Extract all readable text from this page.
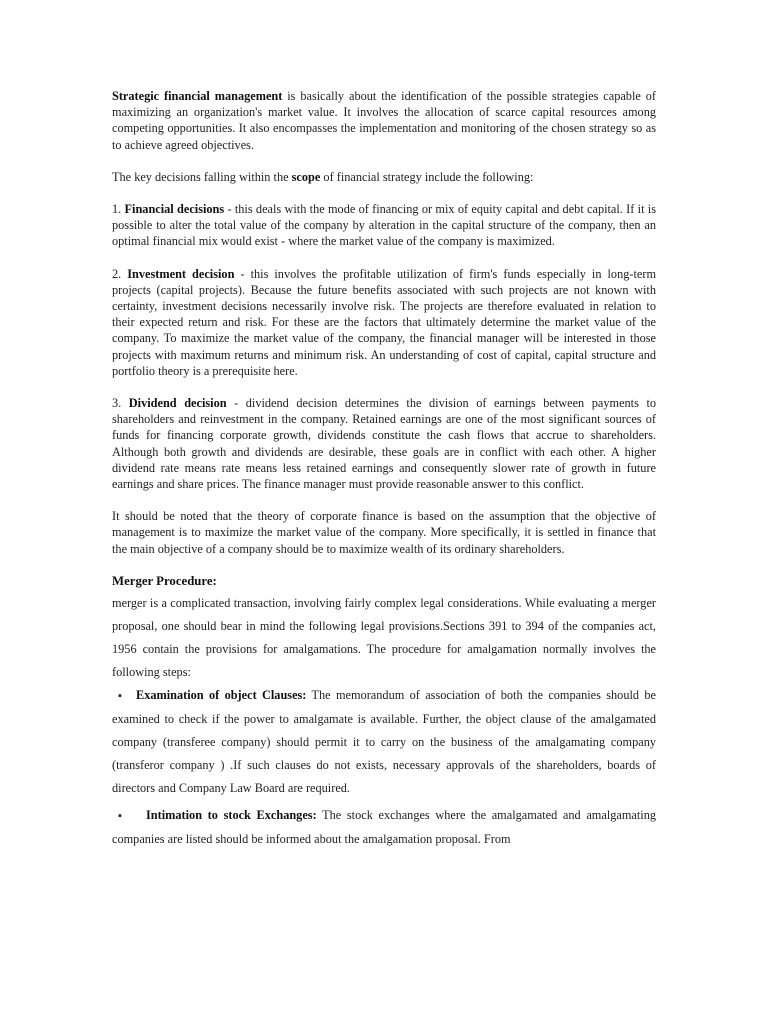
Strategic financial management is basically about the identification of the possible strategies capable of maximizing an organization's market value. It involves the allocation of scarce capital resources among competing opportunities. It also encompasses the implementation and monitoring of the chosen strategy so as to achieve agreed objectives.

The key decisions falling within the scope of financial strategy include the following:

1. Financial decisions - this deals with the mode of financing or mix of equity capital and debt capital. If it is possible to alter the total value of the company by alteration in the capital structure of the company, then an optimal financial mix would exist - where the market value of the company is maximized.

2. Investment decision - this involves the profitable utilization of firm's funds especially in long-term projects (capital projects). Because the future benefits associated with such projects are not known with certainty, investment decisions necessarily involve risk. The projects are therefore evaluated in relation to their expected return and risk. For these are the factors that ultimately determine the market value of the company. To maximize the market value of the company, the financial manager will be interested in those projects with maximum returns and minimum risk. An understanding of cost of capital, capital structure and portfolio theory is a prerequisite here.

3. Dividend decision - dividend decision determines the division of earnings between payments to shareholders and reinvestment in the company. Retained earnings are one of the most significant sources of funds for financing corporate growth, dividends constitute the cash flows that accrue to shareholders. Although both growth and dividends are desirable, these goals are in conflict with each other. A higher dividend rate means rate means less retained earnings and consequently slower rate of growth in future earnings and share prices. The finance manager must provide reasonable answer to this conflict.

It should be noted that the theory of corporate finance is based on the assumption that the objective of management is to maximize the market value of the company. More specifically, it is settled in finance that the main objective of a company should be to maximize wealth of its ordinary shareholders.

Merger Procedure:

merger is a complicated transaction, involving fairly complex legal considerations. While evaluating a merger proposal, one should bear in mind the following legal provisions.Sections 391 to 394 of the companies act, 1956 contain the provisions for amalgamations. The procedure for amalgamation normally involves the following steps:

▪ Examination of object Clauses: The memorandum of association of both the companies should be examined to check if the power to amalgamate is available. Further, the object clause of the amalgamated company (transferee company) should permit it to carry on the business of the amalgamating company (transferor company ) .If such clauses do not exists, necessary approvals of the shareholders, boards of directors and Company Law Board are required.
▪ Intimation to stock Exchanges: The stock exchanges where the amalgamated and amalgamating companies are listed should be informed about the amalgamation proposal. From
